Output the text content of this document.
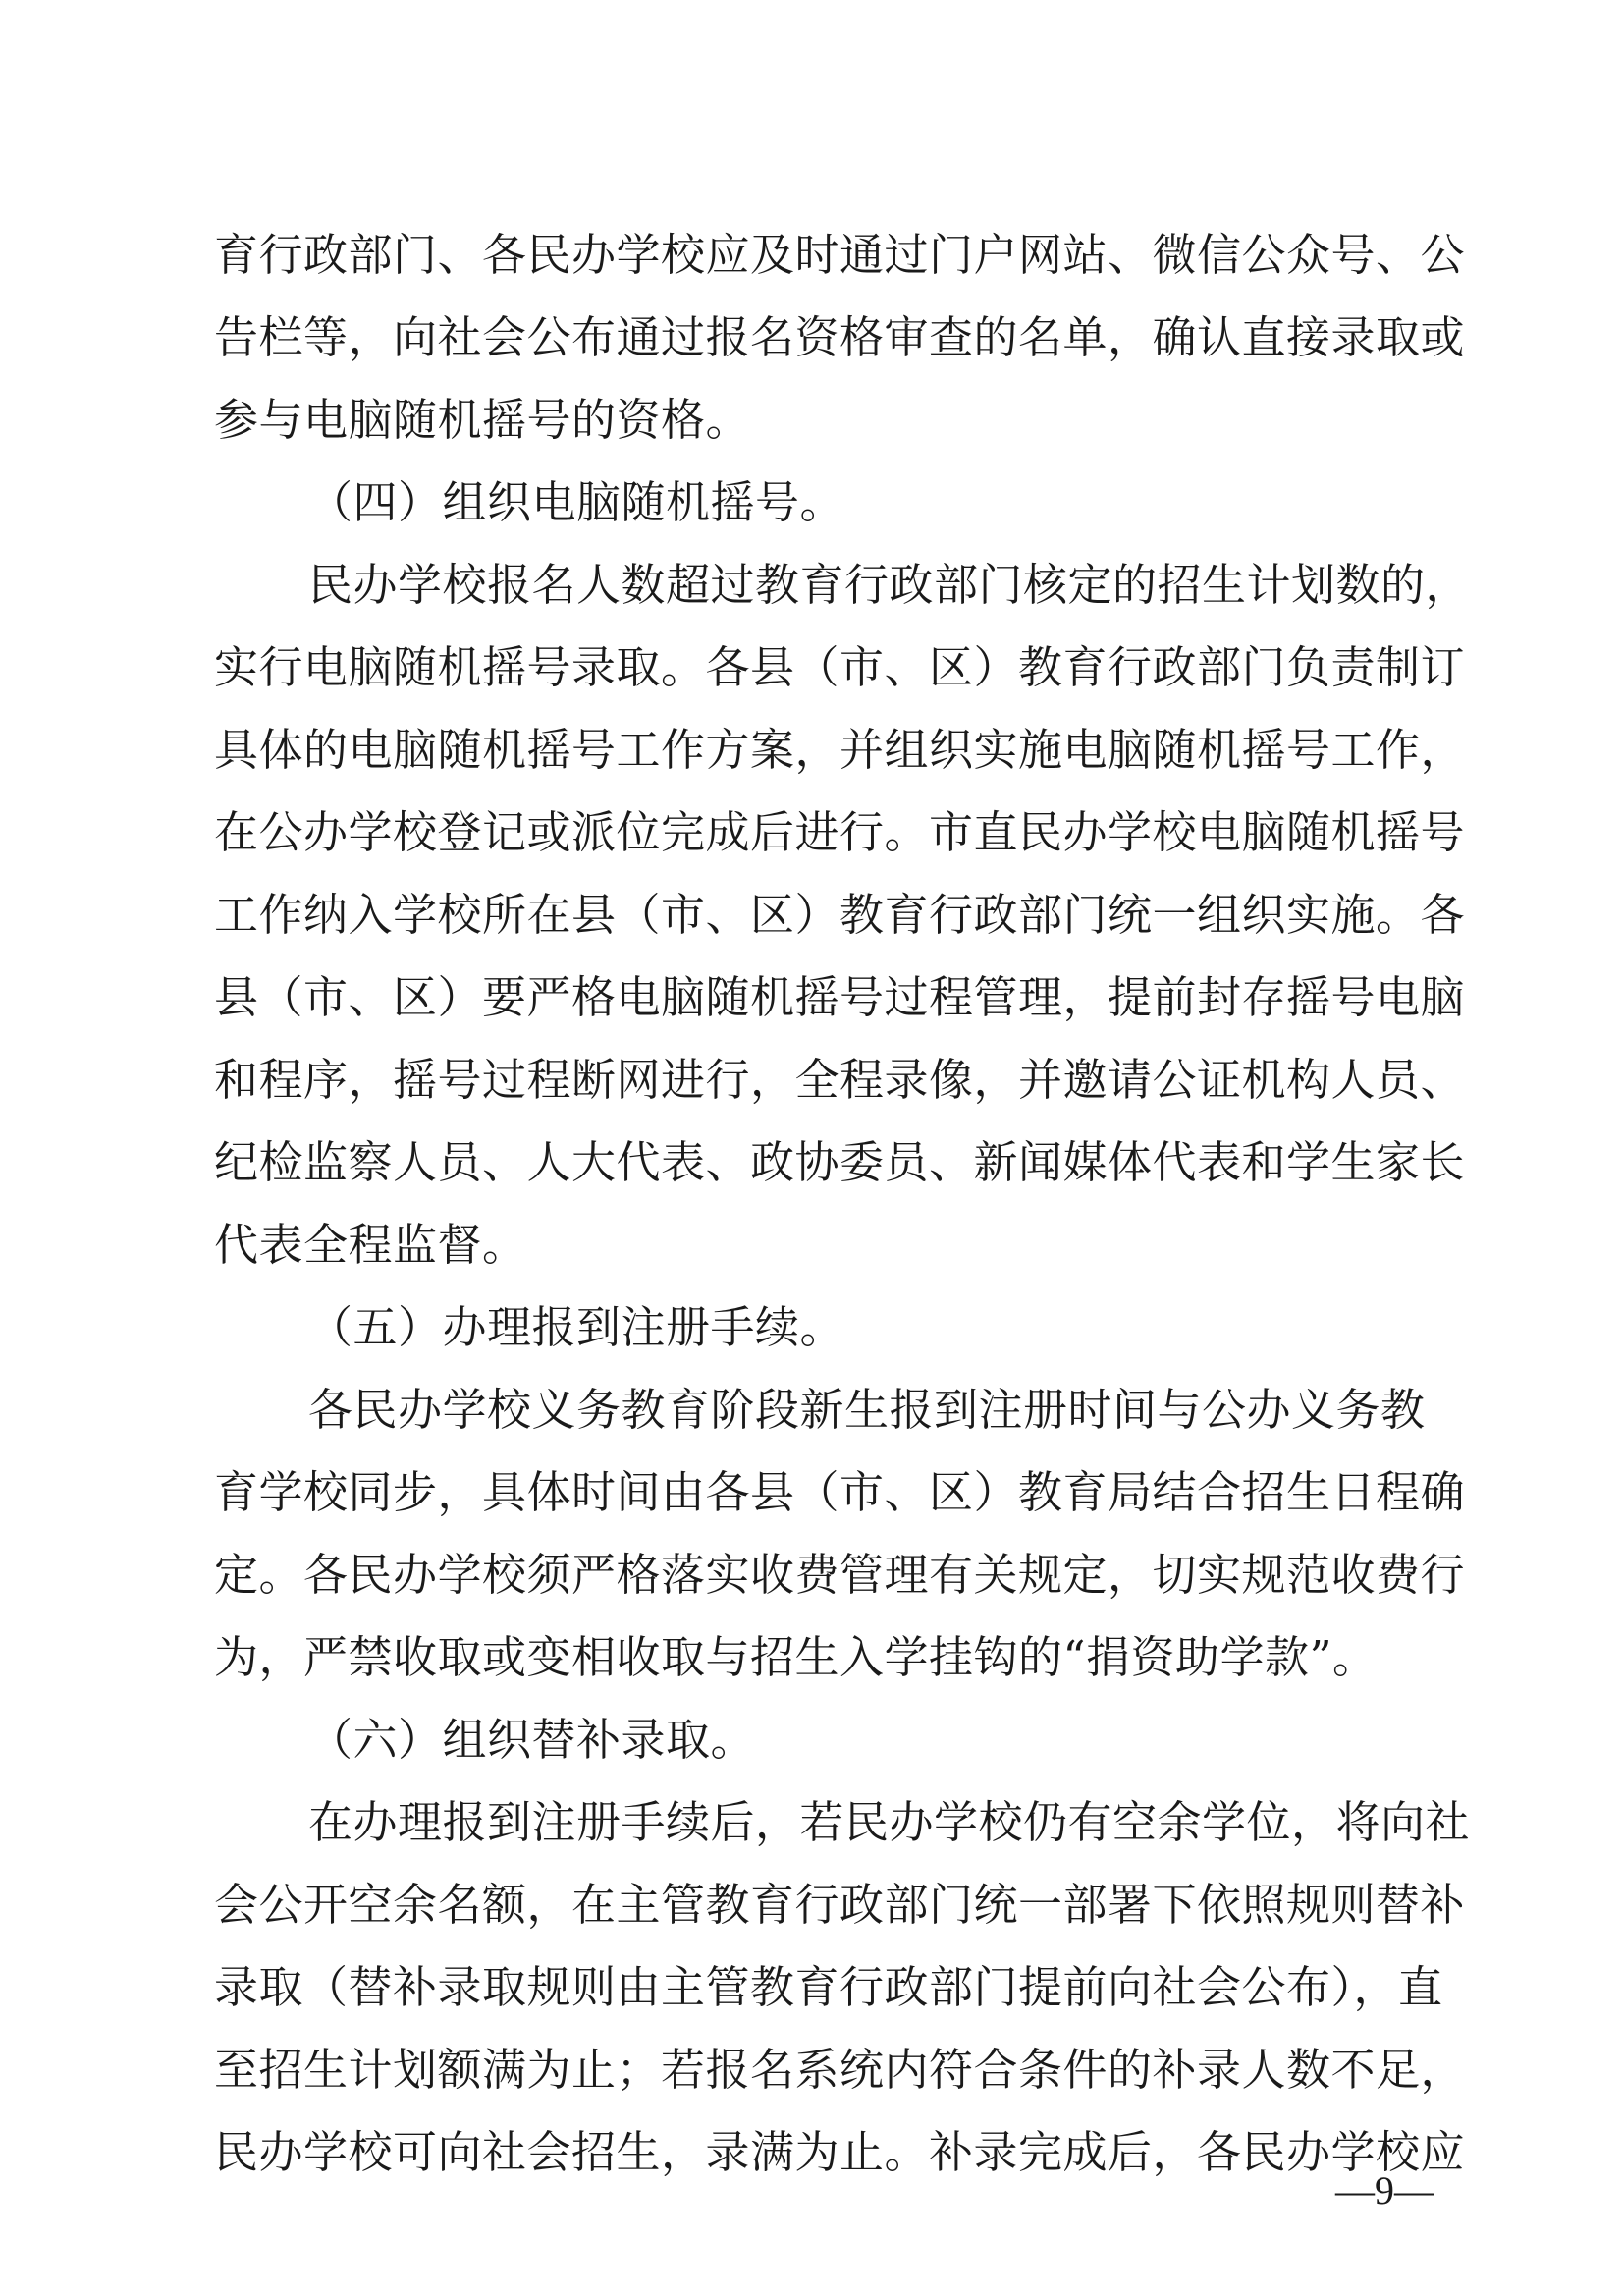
育行政部门、各民办学校应及时通过门户网站、微信公众号、公
告栏等，向社会公布通过报名资格审查的名单，确认直接录取或
参与电脑随机摇号的资格。
（四）组织电脑随机摇号。
民办学校报名人数超过教育行政部门核定的招生计划数的，
实行电脑随机摇号录取。各县（市、区）教育行政部门负责制订
具体的电脑随机摇号工作方案，并组织实施电脑随机摇号工作，
在公办学校登记或派位完成后进行。市直民办学校电脑随机摇号
工作纳入学校所在县（市、区）教育行政部门统一组织实施。各
县（市、区）要严格电脑随机摇号过程管理，提前封存摇号电脑
和程序，摇号过程断网进行，全程录像，并邀请公证机构人员、
纪检监察人员、人大代表、政协委员、新闻媒体代表和学生家长
代表全程监督。
（五）办理报到注册手续。
各民办学校义务教育阶段新生报到注册时间与公办义务教
育学校同步，具体时间由各县（市、区）教育局结合招生日程确
定。各民办学校须严格落实收费管理有关规定，切实规范收费行
为，严禁收取或变相收取与招生入学挂钩的“捐资助学款”。
（六）组织替补录取。
在办理报到注册手续后，若民办学校仍有空余学位，将向社
会公开空余名额，在主管教育行政部门统一部署下依照规则替补
录取（替补录取规则由主管教育行政部门提前向社会公布），直
至招生计划额满为止；若报名系统内符合条件的补录人数不足，
民办学校可向社会招生，录满为止。补录完成后，各民办学校应
—9—
